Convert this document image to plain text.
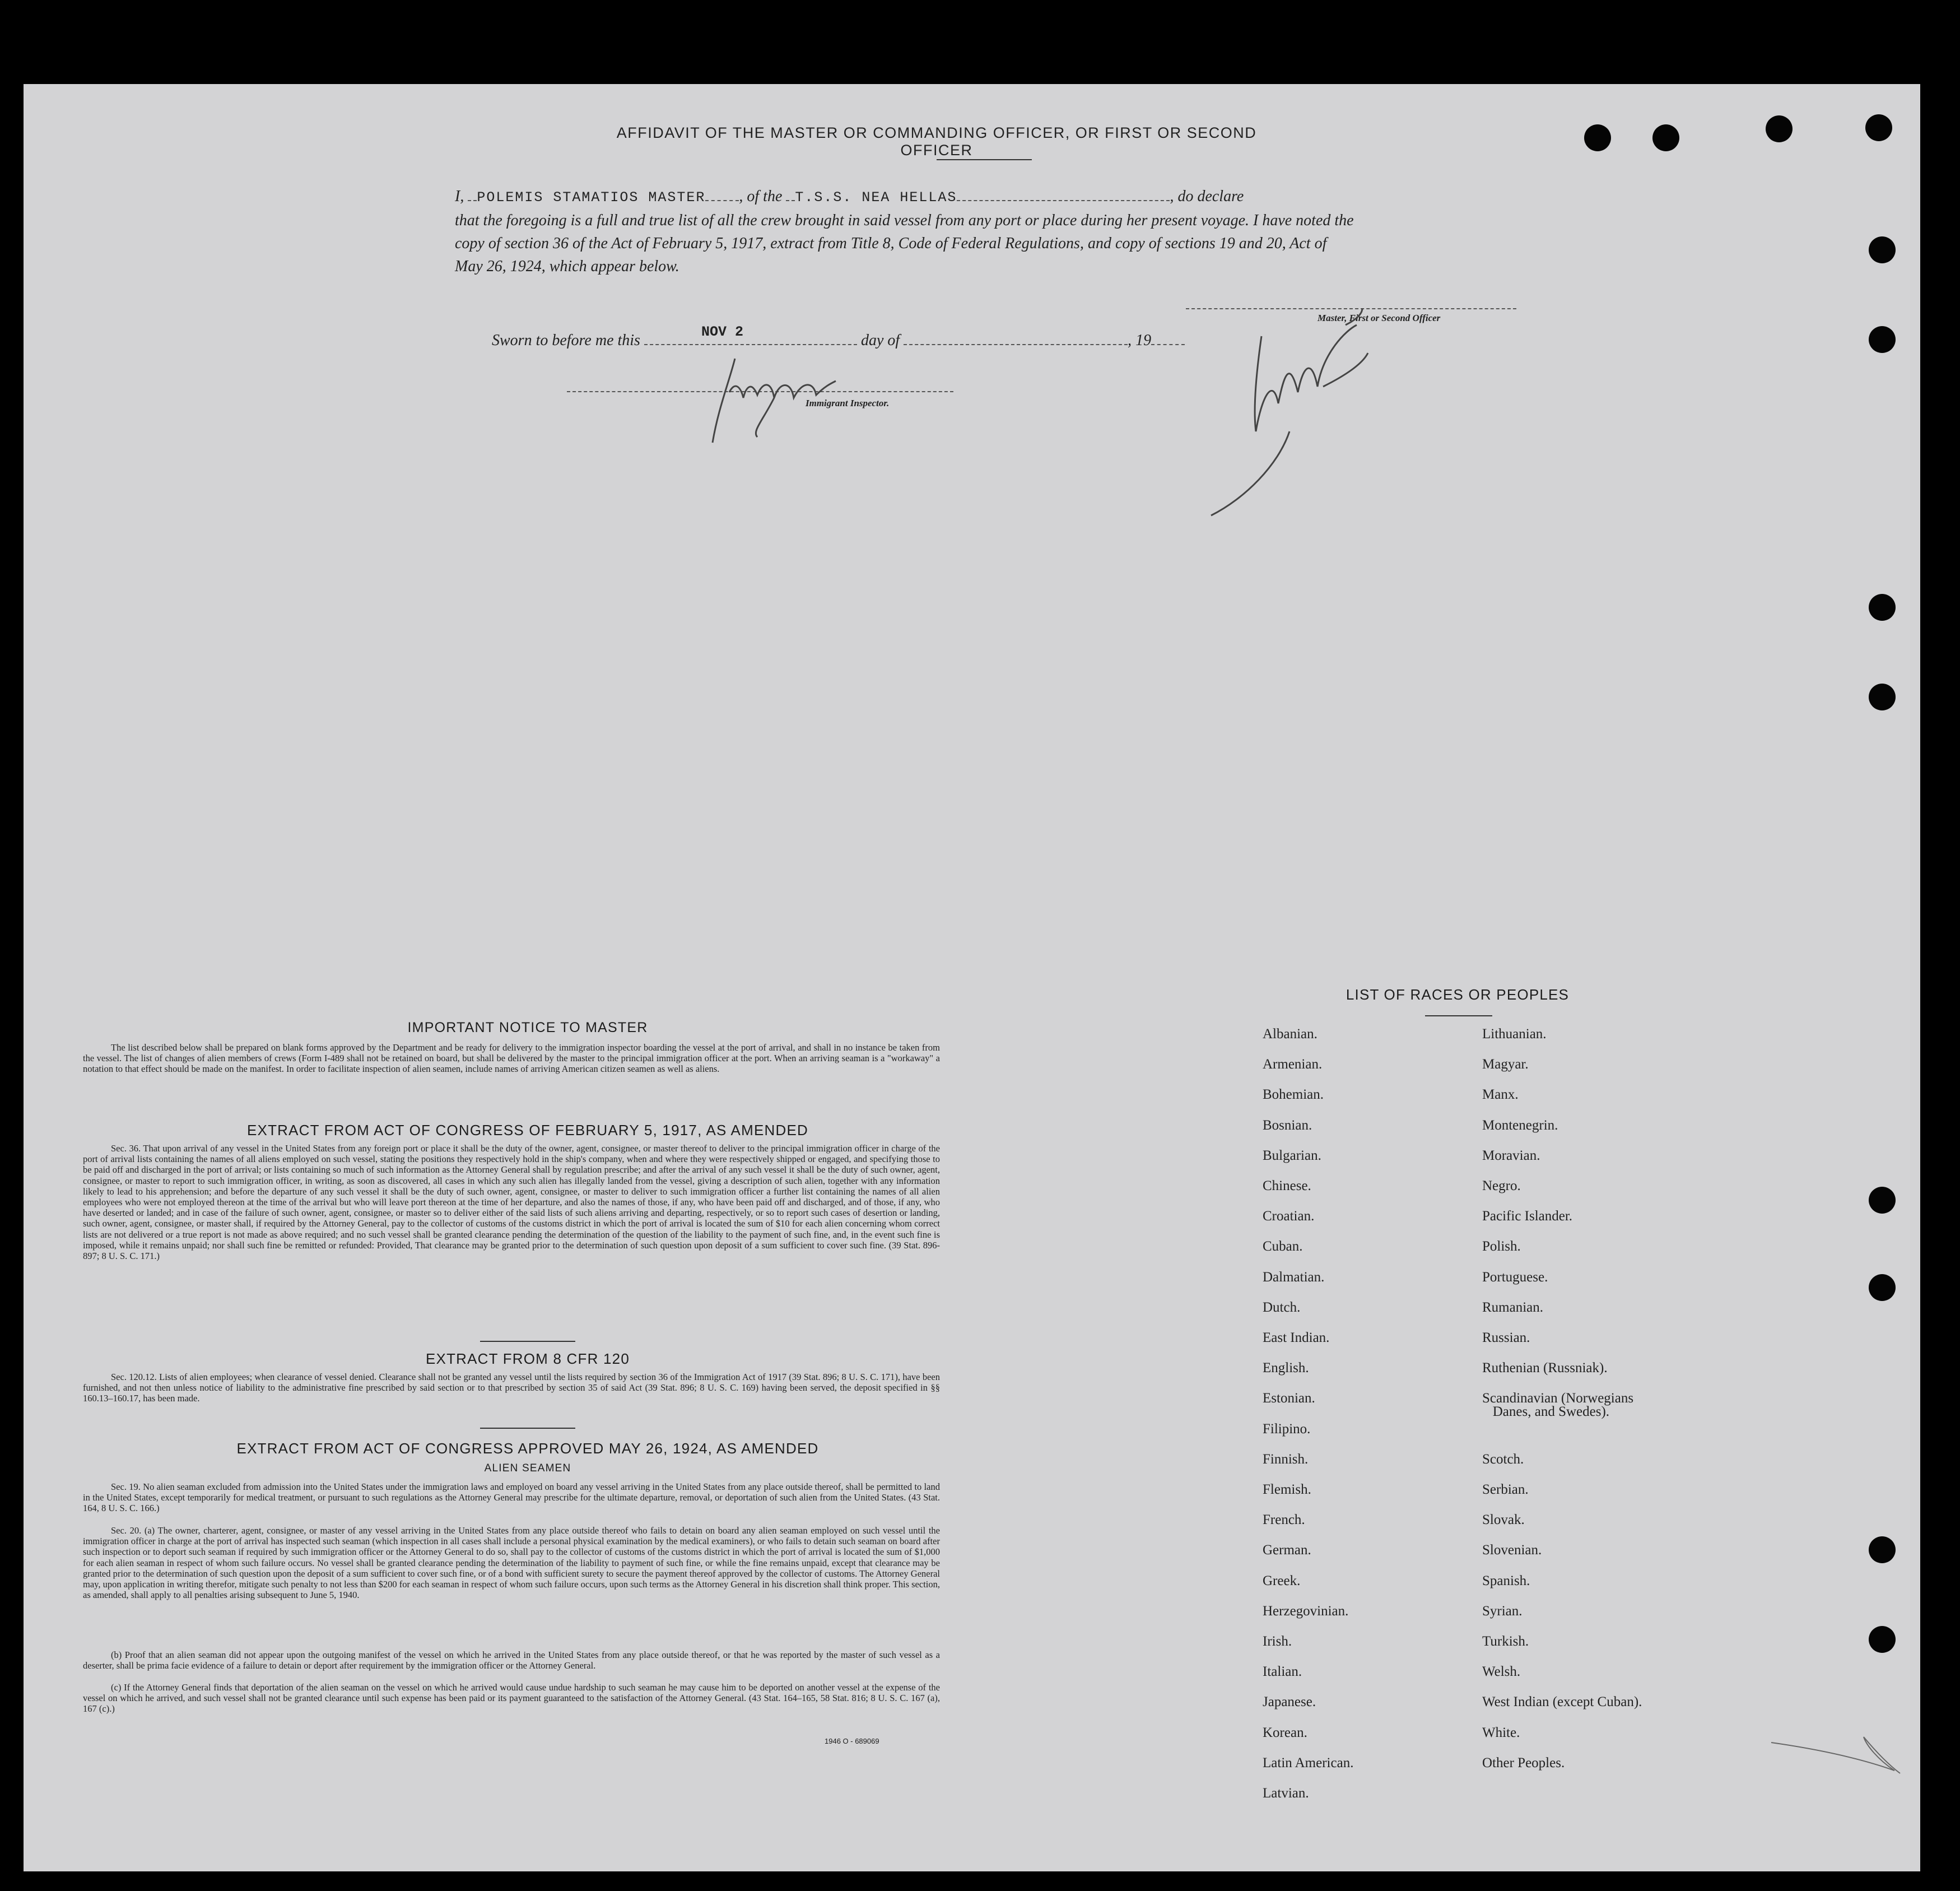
AFFIDAVIT OF THE MASTER OR COMMANDING OFFICER, OR FIRST OR SECOND OFFICER
I, POLEMIS STAMATIOS MASTER , of the T.S.S. NEA HELLAS	, do declare
that the foregoing is a full and true list of all the crew brought in said vessel from any port or place during her present voyage. I have noted the
copy of section 36 of the Act of February 5, 1917, extract from Title 8, Code of Federal Regulations, and copy of sections 19 and 20, Act of
May 26, 1924, which appear below.
Sworn to before me this	day of	, 19
NOV 2
Master, First or Second Officer
Immigrant Inspector.
IMPORTANT NOTICE TO MASTER
The list described below shall be prepared on blank forms approved by the Department and be ready for delivery to the immigration inspector boarding the vessel at the port of arrival, and shall in no instance be taken from the vessel. The list of changes of alien members of crews (Form I-489 shall not be retained on board, but shall be delivered by the master to the principal immigration officer at the port. When an arriving seaman is a "workaway" a notation to that effect should be made on the manifest. In order to facilitate inspection of alien seamen, include names of arriving American citizen seamen as well as aliens.
EXTRACT FROM ACT OF CONGRESS OF FEBRUARY 5, 1917, AS AMENDED
Sec. 36. That upon arrival of any vessel in the United States from any foreign port or place it shall be the duty of the owner, agent, consignee, or master thereof to deliver to the principal immigration officer in charge of the port of arrival lists containing the names of all aliens employed on such vessel, stating the positions they respectively hold in the ship's company, when and where they were respectively shipped or engaged, and specifying those to be paid off and discharged in the port of arrival; or lists containing so much of such information as the Attorney General shall by regulation prescribe; and after the arrival of any such vessel it shall be the duty of such owner, agent, consignee, or master to report to such immigration officer, in writing, as soon as discovered, all cases in which any such alien has illegally landed from the vessel, giving a description of such alien, together with any information likely to lead to his apprehension; and before the departure of any such vessel it shall be the duty of such owner, agent, consignee, or master to deliver to such immigration officer a further list containing the names of all alien employees who were not employed thereon at the time of the arrival but who will leave port thereon at the time of her departure, and also the names of those, if any, who have been paid off and discharged, and of those, if any, who have deserted or landed; and in case of the failure of such owner, agent, consignee, or master so to deliver either of the said lists of such aliens arriving and departing, respectively, or so to report such cases of desertion or landing, such owner, agent, consignee, or master shall, if required by the Attorney General, pay to the collector of customs of the customs district in which the port of arrival is located the sum of $10 for each alien concerning whom correct lists are not delivered or a true report is not made as above required; and no such vessel shall be granted clearance pending the determination of the question of the liability to the payment of such fine, and, in the event such fine is imposed, while it remains unpaid; nor shall such fine be remitted or refunded: Provided, That clearance may be granted prior to the determination of such question upon deposit of a sum sufficient to cover such fine. (39 Stat. 896-897; 8 U. S. C. 171.)
EXTRACT FROM 8 CFR 120
Sec. 120.12. Lists of alien employees; when clearance of vessel denied. Clearance shall not be granted any vessel until the lists required by section 36 of the Immigration Act of 1917 (39 Stat. 896; 8 U. S. C. 171), have been furnished, and not then unless notice of liability to the administrative fine prescribed by said section or to that prescribed by section 35 of said Act (39 Stat. 896; 8 U. S. C. 169) having been served, the deposit specified in §§ 160.13–160.17, has been made.
EXTRACT FROM ACT OF CONGRESS APPROVED MAY 26, 1924, AS AMENDED
ALIEN SEAMEN
Sec. 19. No alien seaman excluded from admission into the United States under the immigration laws and employed on board any vessel arriving in the United States from any place outside thereof, shall be permitted to land in the United States, except temporarily for medical treatment, or pursuant to such regulations as the Attorney General may prescribe for the ultimate departure, removal, or deportation of such alien from the United States. (43 Stat. 164, 8 U. S. C. 166.)
Sec. 20. (a) The owner, charterer, agent, consignee, or master of any vessel arriving in the United States from any place outside thereof who fails to detain on board any alien seaman employed on such vessel until the immigration officer in charge at the port of arrival has inspected such seaman (which inspection in all cases shall include a personal physical examination by the medical examiners), or who fails to detain such seaman on board after such inspection or to deport such seaman if required by such immigration officer or the Attorney General to do so, shall pay to the collector of customs of the customs district in which the port of arrival is located the sum of $1,000 for each alien seaman in respect of whom such failure occurs. No vessel shall be granted clearance pending the determination of the liability to payment of such fine, or while the fine remains unpaid, except that clearance may be granted prior to the determination of such question upon the deposit of a sum sufficient to cover such fine, or of a bond with sufficient surety to secure the payment thereof approved by the collector of customs. The Attorney General may, upon application in writing therefor, mitigate such penalty to not less than $200 for each seaman in respect of whom such failure occurs, upon such terms as the Attorney General in his discretion shall think proper. This section, as amended, shall apply to all penalties arising subsequent to June 5, 1940.
(b) Proof that an alien seaman did not appear upon the outgoing manifest of the vessel on which he arrived in the United States from any place outside thereof, or that he was reported by the master of such vessel as a deserter, shall be prima facie evidence of a failure to detain or deport after requirement by the immigration officer or the Attorney General.
(c) If the Attorney General finds that deportation of the alien seaman on the vessel on which he arrived would cause undue hardship to such seaman he may cause him to be deported on another vessel at the expense of the vessel on which he arrived, and such vessel shall not be granted clearance until such expense has been paid or its payment guaranteed to the satisfaction of the Attorney General. (43 Stat. 164–165, 58 Stat. 816; 8 U. S. C. 167 (a), 167 (c).)
1946 O - 689069
LIST OF RACES OR PEOPLES
Albanian.
Armenian.
Bohemian.
Bosnian.
Bulgarian.
Chinese.
Croatian.
Cuban.
Dalmatian.
Dutch.
East Indian.
English.
Estonian.
Filipino.
Finnish.
Flemish.
French.
German.
Greek.
Herzegovinian.
Irish.
Italian.
Japanese.
Korean.
Latin American.
Latvian.
Lithuanian.
Magyar.
Manx.
Montenegrin.
Moravian.
Negro.
Pacific Islander.
Polish.
Portuguese.
Rumanian.
Russian.
Ruthenian (Russniak).
Scandinavian (Norwegians
Danes, and Swedes).
Scotch.
Serbian.
Slovak.
Slovenian.
Spanish.
Syrian.
Turkish.
Welsh.
West Indian (except Cuban).
White.
Other Peoples.
